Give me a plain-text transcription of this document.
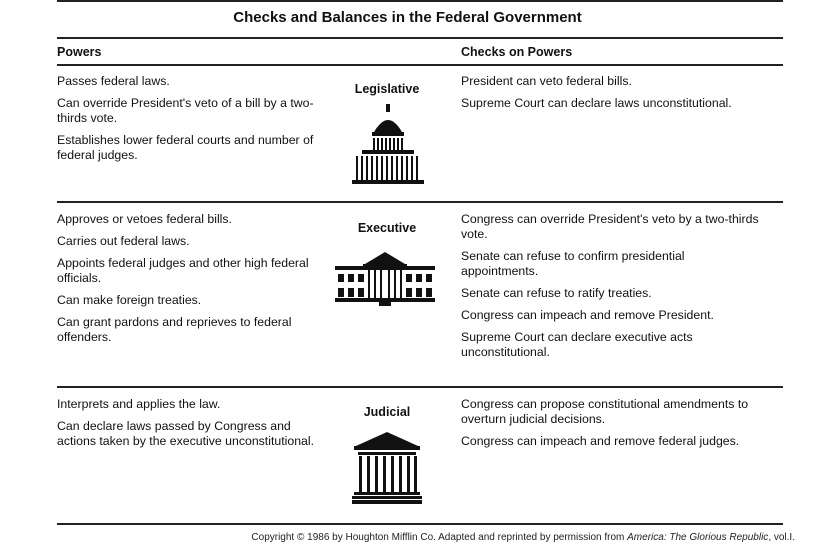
Checks and Balances in the Federal Government
Powers	Checks on Powers

Passes federal laws.

Can override President's veto of a bill by a two-thirds vote.

Establishes lower federal courts and number of federal judges.

Legislative

President can veto federal bills.

Supreme Court can declare laws unconstitutional.

Approves or vetoes federal bills.

Carries out federal laws.

Appoints federal judges and other high federal officials.

Can make foreign treaties.

Can grant pardons and reprieves to federal offenders.

Executive

Congress can override President's veto by a two-thirds vote.

Senate can refuse to confirm presidential appointments.

Senate can refuse to ratify treaties.

Congress can impeach and remove President.

Supreme Court can declare executive acts unconstitutional.

Interprets and applies the law.

Can declare laws passed by Congress and actions taken by the executive unconstitutional.

Judicial

Congress can propose constitutional amendments to overturn judicial decisions.

Congress can impeach and remove federal judges.

Copyright © 1986 by Houghton Mifflin Co. Adapted and reprinted by permission from America: The Glorious Republic, vol.I.
